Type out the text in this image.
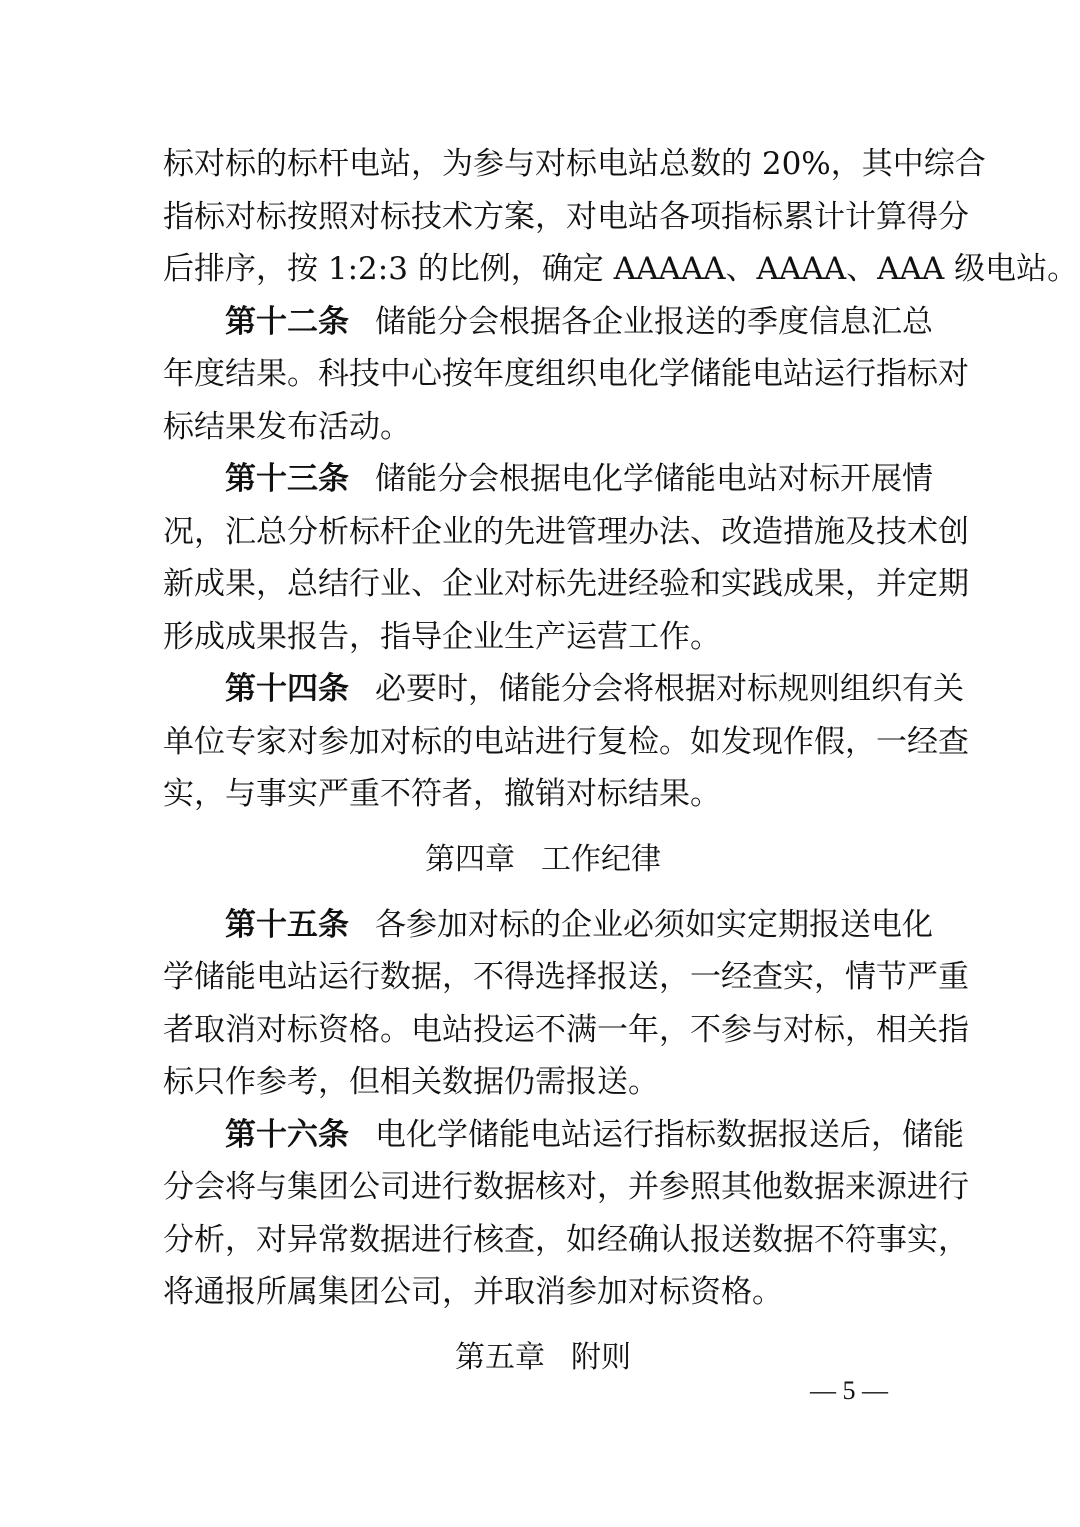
标对标的标杆电站，为参与对标电站总数的 20%，其中综合
指标对标按照对标技术方案，对电站各项指标累计计算得分
后排序，按 1:2:3 的比例，确定 AAAAA、AAAA、AAA 级电站。
第十二条 储能分会根据各企业报送的季度信息汇总
年度结果。科技中心按年度组织电化学储能电站运行指标对
标结果发布活动。
第十三条 储能分会根据电化学储能电站对标开展情
况，汇总分析标杆企业的先进管理办法、改造措施及技术创
新成果，总结行业、企业对标先进经验和实践成果，并定期
形成成果报告，指导企业生产运营工作。
第十四条 必要时，储能分会将根据对标规则组织有关
单位专家对参加对标的电站进行复检。如发现作假，一经查
实，与事实严重不符者，撤销对标结果。
第四章 工作纪律
第十五条 各参加对标的企业必须如实定期报送电化
学储能电站运行数据，不得选择报送，一经查实，情节严重
者取消对标资格。电站投运不满一年，不参与对标，相关指
标只作参考，但相关数据仍需报送。
第十六条 电化学储能电站运行指标数据报送后，储能
分会将与集团公司进行数据核对，并参照其他数据来源进行
分析，对异常数据进行核查，如经确认报送数据不符事实，
将通报所属集团公司，并取消参加对标资格。
第五章 附则
— 5 —
